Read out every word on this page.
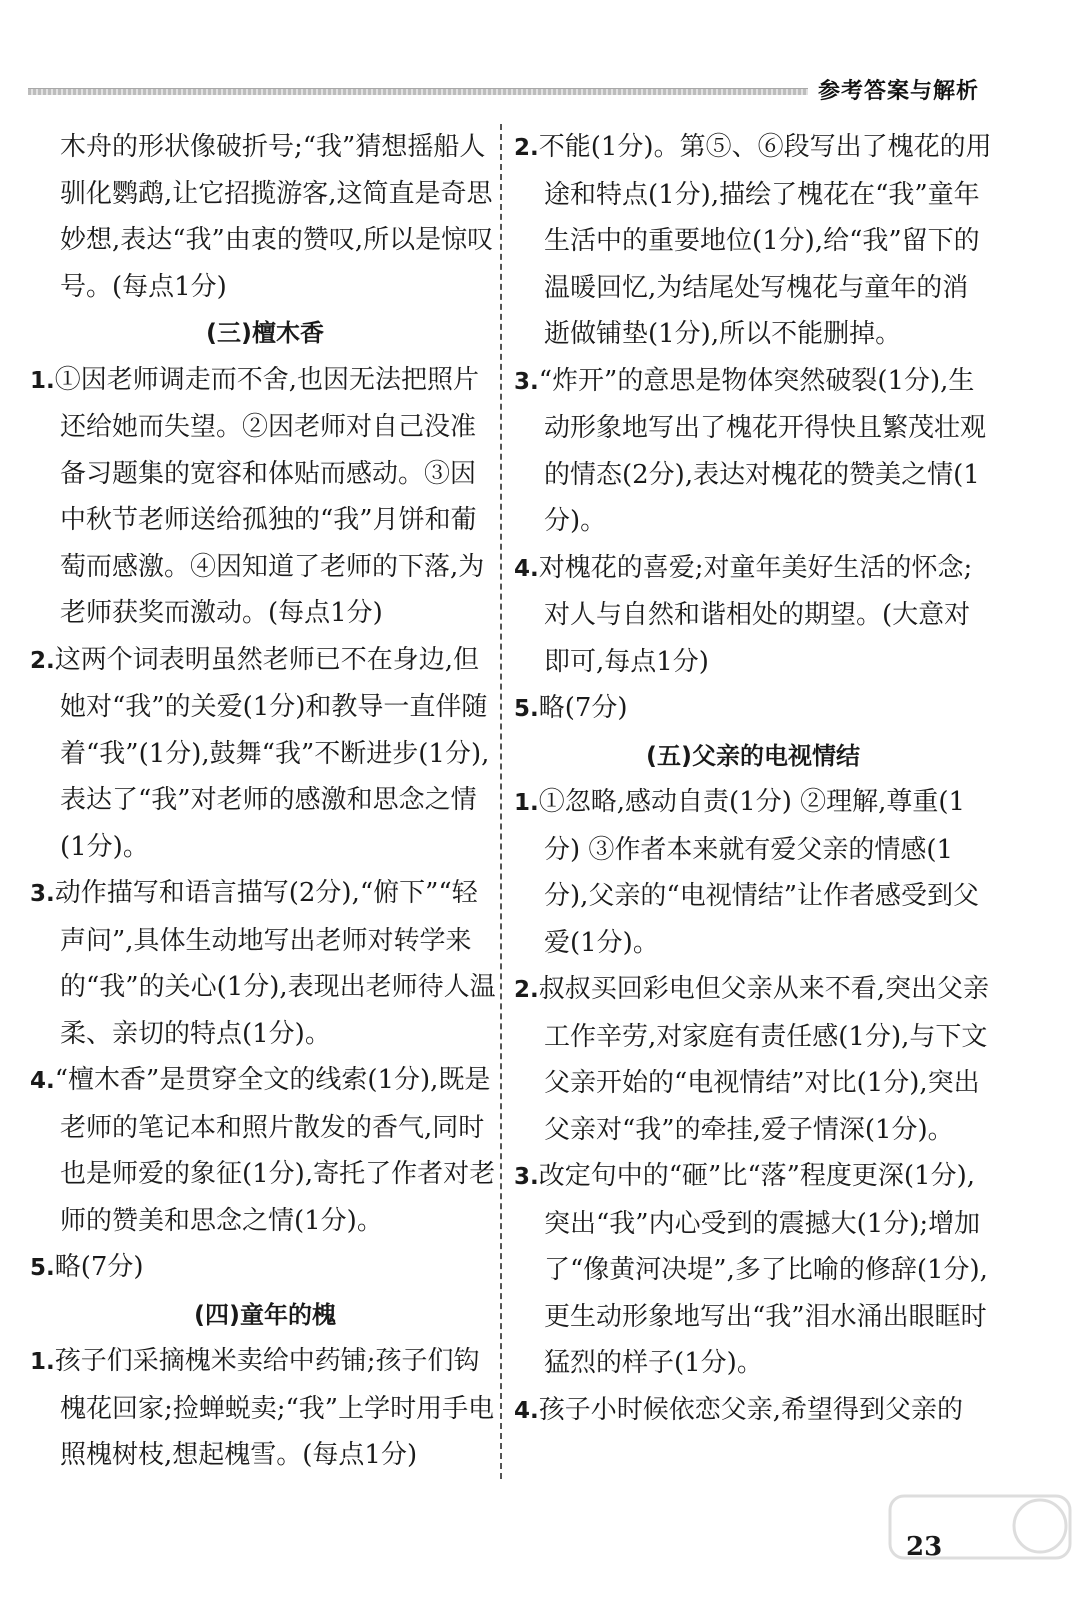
参考答案与解析

木舟的形状像破折号;“我”猜想摇船人驯化鹦鹉,让它招揽游客,这简直是奇思妙想,表达“我”由衷的赞叹,所以是惊叹号。(每点1分)

(三)檀木香

1.①因老师调走而不舍,也因无法把照片还给她而失望。②因老师对自己没准备习题集的宽容和体贴而感动。③因中秋节老师送给孤独的“我”月饼和葡萄而感激。④因知道了老师的下落,为老师获奖而激动。(每点1分)

2.这两个词表明虽然老师已不在身边,但她对“我”的关爱(1分)和教导一直伴随着“我”(1分),鼓舞“我”不断进步(1分),表达了“我”对老师的感激和思念之情(1分)。

3.动作描写和语言描写(2分),“俯下”“轻声问”,具体生动地写出老师对转学来的“我”的关心(1分),表现出老师待人温柔、亲切的特点(1分)。

4.“檀木香”是贯穿全文的线索(1分),既是老师的笔记本和照片散发的香气,同时也是师爱的象征(1分),寄托了作者对老师的赞美和思念之情(1分)。

5.略(7分)

(四)童年的槐

1.孩子们采摘槐米卖给中药铺;孩子们钩槐花回家;捡蝉蜕卖;“我”上学时用手电照槐树枝,想起槐雪。(每点1分)

2.不能(1分)。第⑤、⑥段写出了槐花的用途和特点(1分),描绘了槐花在“我”童年生活中的重要地位(1分),给“我”留下的温暖回忆,为结尾处写槐花与童年的消逝做铺垫(1分),所以不能删掉。

3.“炸开”的意思是物体突然破裂(1分),生动形象地写出了槐花开得快且繁茂壮观的情态(2分),表达对槐花的赞美之情(1分)。

4.对槐花的喜爱;对童年美好生活的怀念;对人与自然和谐相处的期望。(大意对即可,每点1分)

5.略(7分)

(五)父亲的电视情结

1.①忽略,感动自责(1分) ②理解,尊重(1分) ③作者本来就有爱父亲的情感(1分),父亲的“电视情结”让作者感受到父爱(1分)。

2.叔叔买回彩电但父亲从来不看,突出父亲工作辛劳,对家庭有责任感(1分),与下文父亲开始的“电视情结”对比(1分),突出父亲对“我”的牵挂,爱子情深(1分)。

3.改定句中的“砸”比“落”程度更深(1分),突出“我”内心受到的震撼大(1分);增加了“像黄河决堤”,多了比喻的修辞(1分),更生动形象地写出“我”泪水涌出眼眶时猛烈的样子(1分)。

4.孩子小时候依恋父亲,希望得到父亲的

23
